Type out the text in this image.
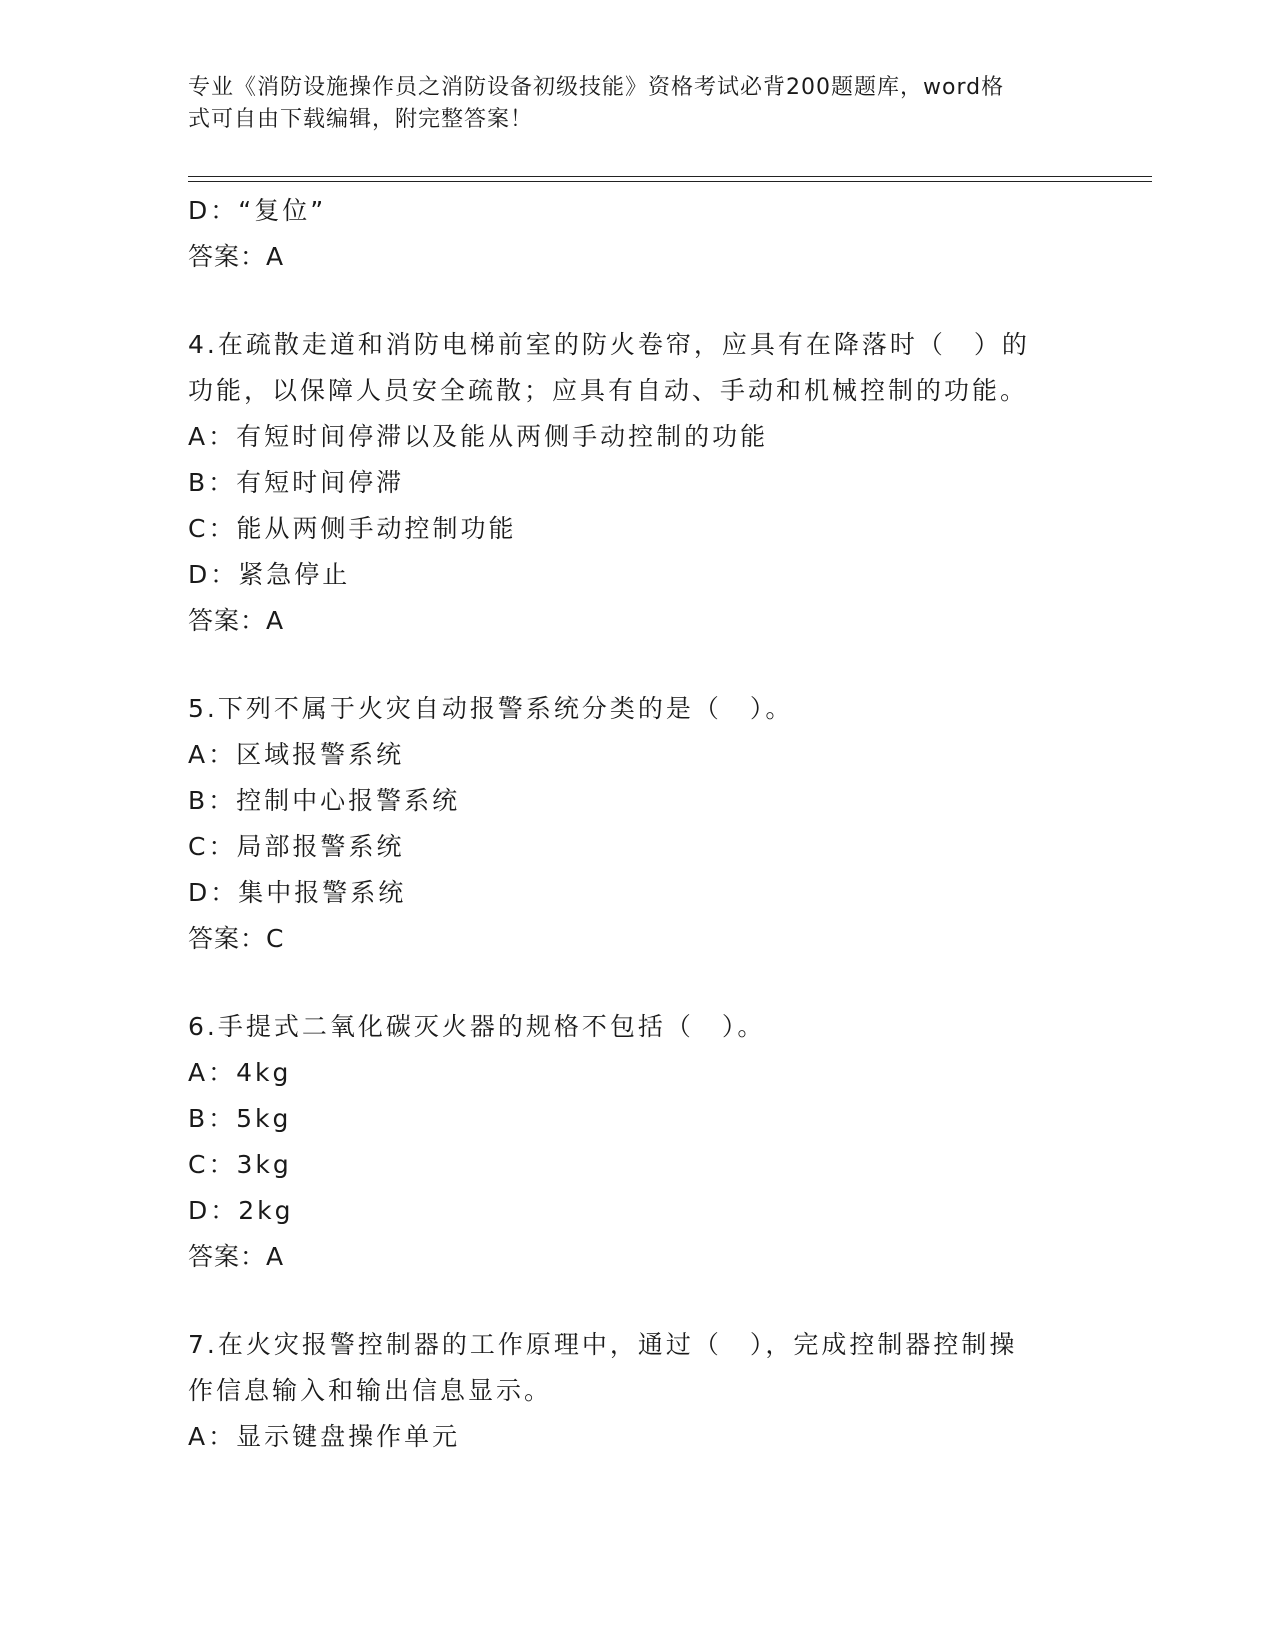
专业《消防设施操作员之消防设备初级技能》资格考试必背200题题库，word格
式可自由下载编辑，附完整答案！
D：“复位”
答案：A
4.在疏散走道和消防电梯前室的防火卷帘，应具有在降落时（　）的
功能，以保障人员安全疏散；应具有自动、手动和机械控制的功能。
A：有短时间停滞以及能从两侧手动控制的功能
B：有短时间停滞
C：能从两侧手动控制功能
D：紧急停止
答案：A
5.下列不属于火灾自动报警系统分类的是（　）。
A：区域报警系统
B：控制中心报警系统
C：局部报警系统
D：集中报警系统
答案：C
6.手提式二氧化碳灭火器的规格不包括（　）。
A：4kg
B：5kg
C：3kg
D：2kg
答案：A
7.在火灾报警控制器的工作原理中，通过（　），完成控制器控制操
作信息输入和输出信息显示。
A：显示键盘操作单元
